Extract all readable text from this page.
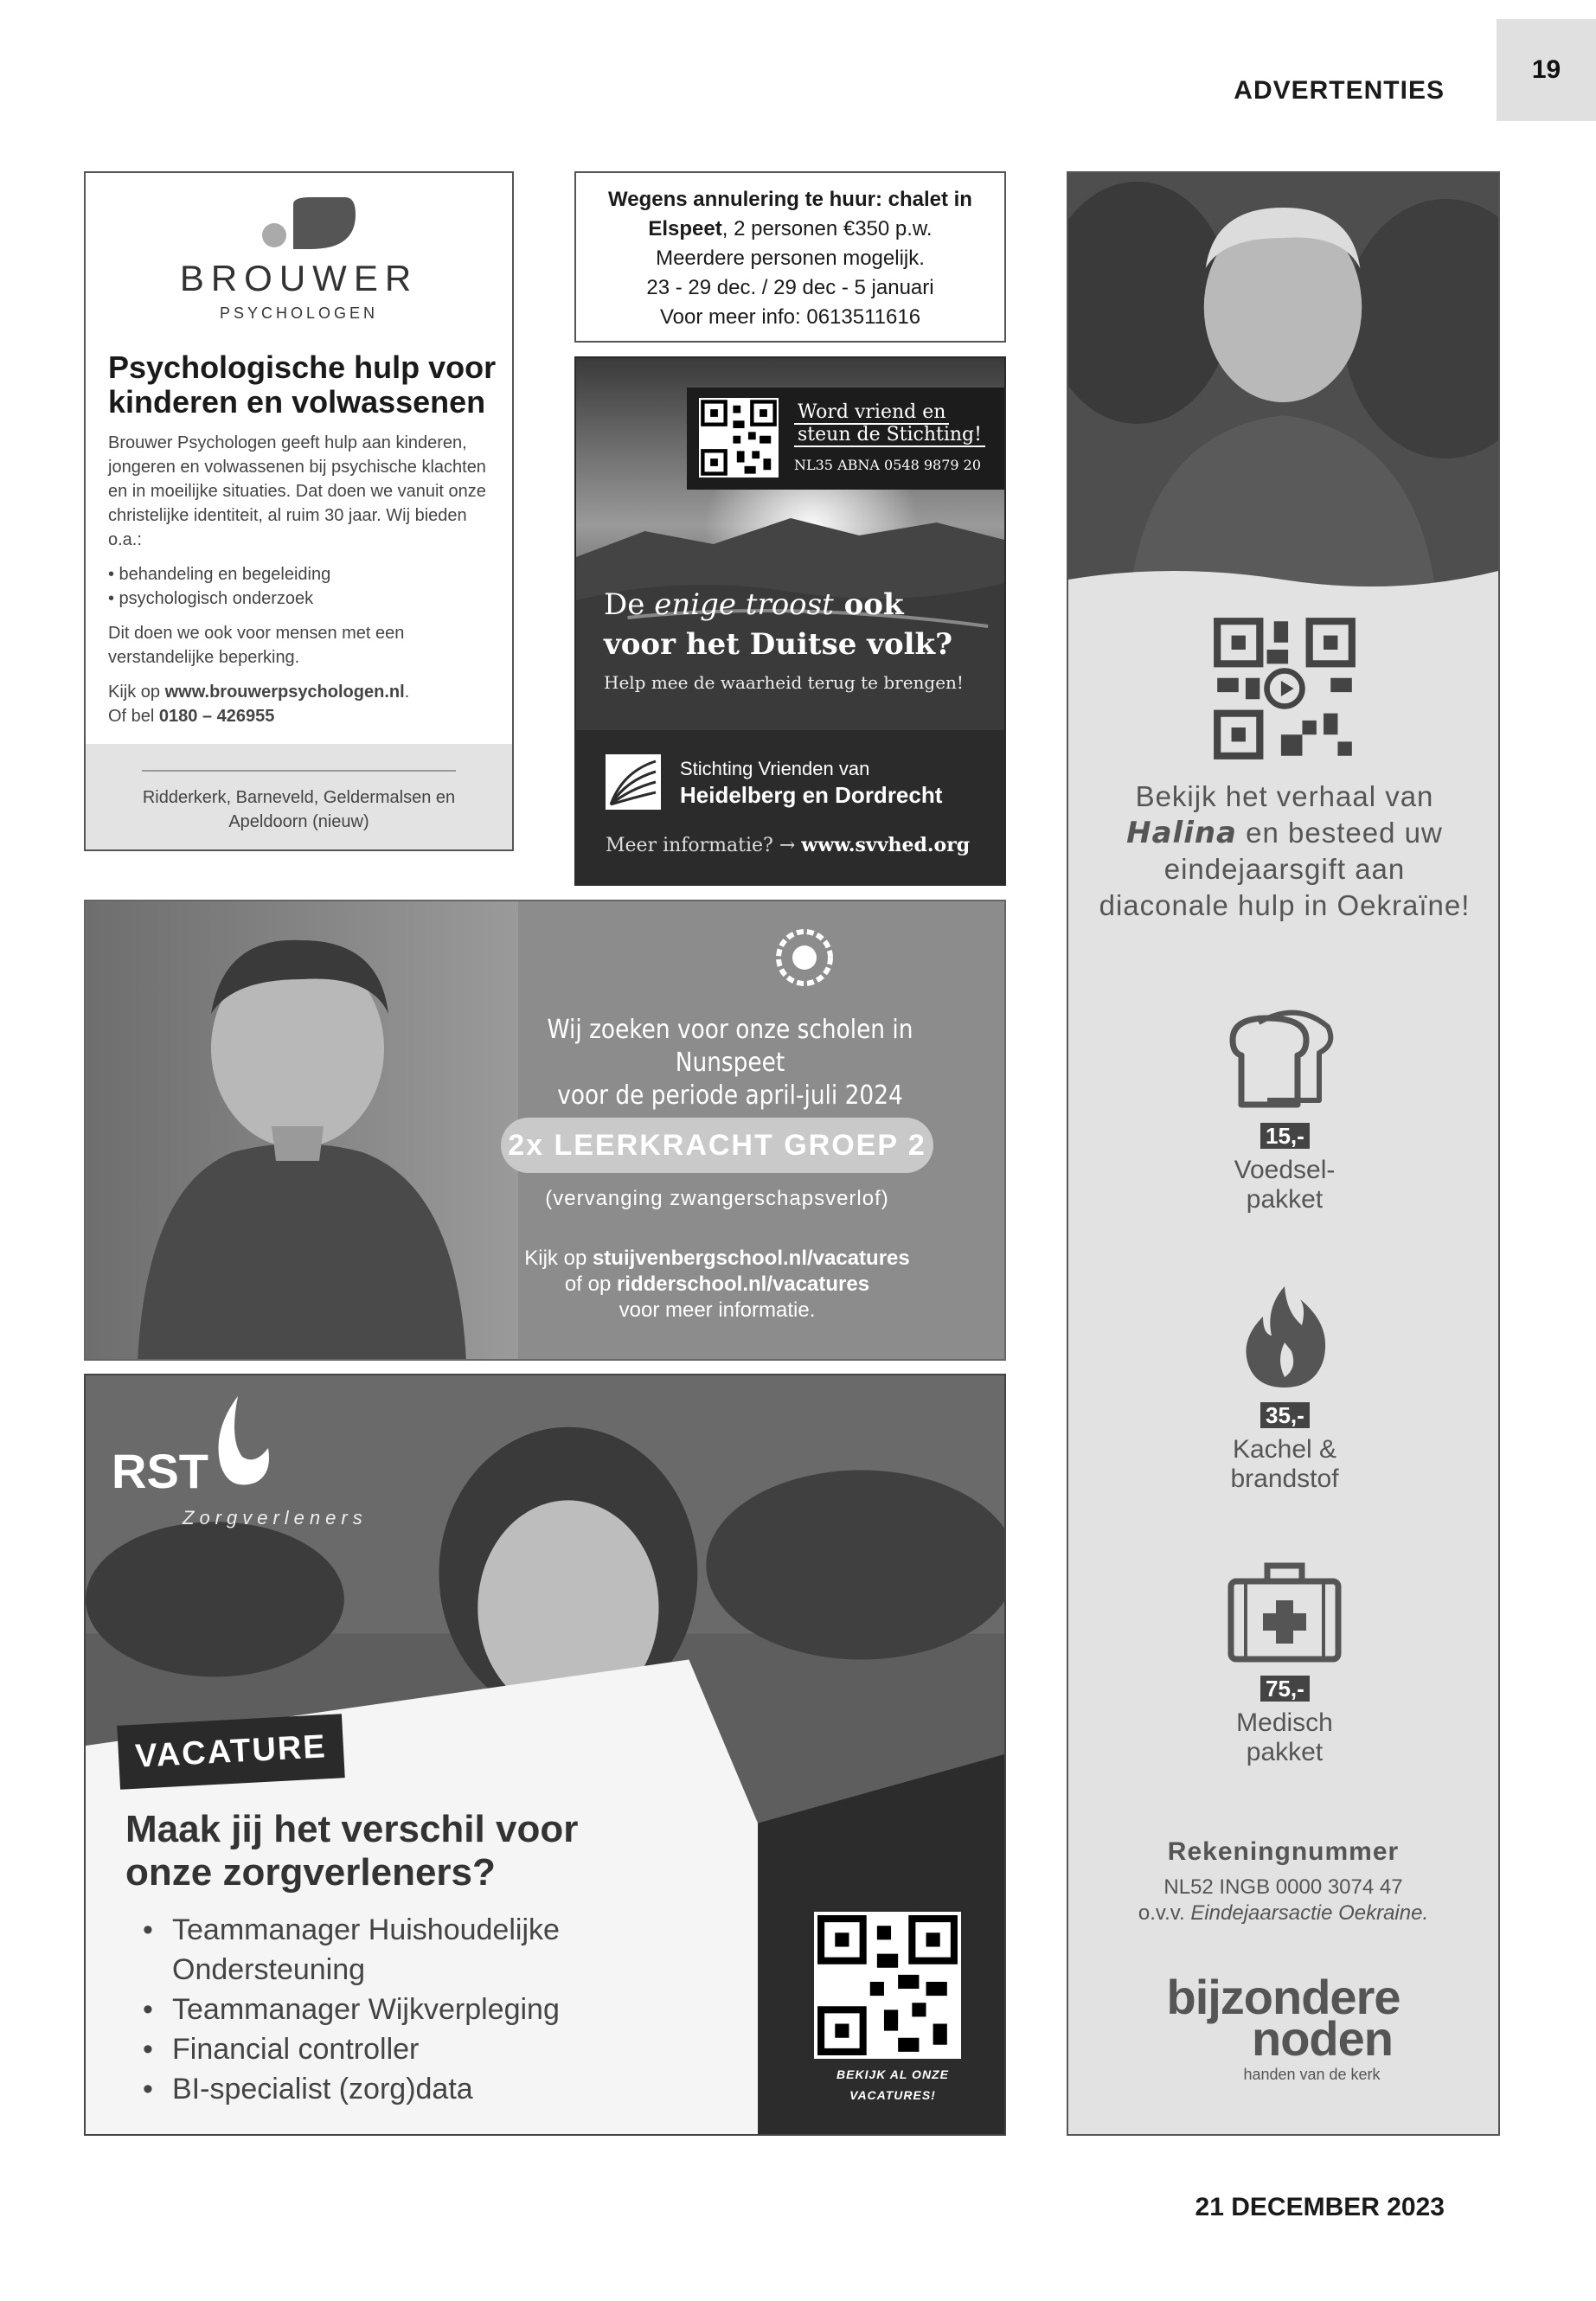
ADVERTENTIES
19
21 DECEMBER 2023
BROUWER
PSYCHOLOGEN
Psychologische hulp voor kinderen en volwassenen
Brouwer Psychologen geeft hulp aan kinderen, jongeren en volwassenen bij psychische klachten en in moeilijke situaties. Dat doen we vanuit onze christelijke identiteit, al ruim 30 jaar. Wij bieden o.a.:
• behandeling en begeleiding
• psychologisch onderzoek
Dit doen we ook voor mensen met een verstandelijke beperking.
Kijk op www.brouwerpsychologen.nl.
Of bel 0180 – 426955
Ridderkerk, Barneveld, Geldermalsen en Apeldoorn (nieuw)
Wegens annulering te huur: chalet in
Elspeet, 2 personen €350 p.w.
Meerdere personen mogelijk.
23 - 29 dec. / 29 dec - 5 januari
Voor meer info: 0613511616
Word vriend en
steun de Stichting!
NL35 ABNA 0548 9879 20
De enige troost ook
voor het Duitse volk?
Help mee de waarheid terug te brengen!
Stichting Vrienden van
Heidelberg en Dordrecht
Meer informatie? → www.svvhed.org
Wij zoeken voor onze scholen in Nunspeet
voor de periode april-juli 2024
2x LEERKRACHT GROEP 2
(vervanging zwangerschapsverlof)
Kijk op stuijvenbergschool.nl/vacatures
of op ridderschool.nl/vacatures
voor meer informatie.
RST
Zorgverleners
VACATURE
Maak jij het verschil voor
onze zorgverleners?
• Teammanager Huishoudelijke Ondersteuning
• Teammanager Wijkverpleging
• Financial controller
• BI-specialist (zorg)data	BEKIJK AL ONZE
VACATURES!
Bekijk het verhaal van
Halina en besteed uw
eindejaarsgift aan
diaconale hulp in Oekraïne!
15,-
Voedsel-
pakket
35,-
Kachel &
brandstof
75,-
Medisch
pakket
Rekeningnummer
NL52 INGB 0000 3074 47
o.v.v. Eindejaarsactie Oekraine.
bijzondere
noden
handen van de kerk
